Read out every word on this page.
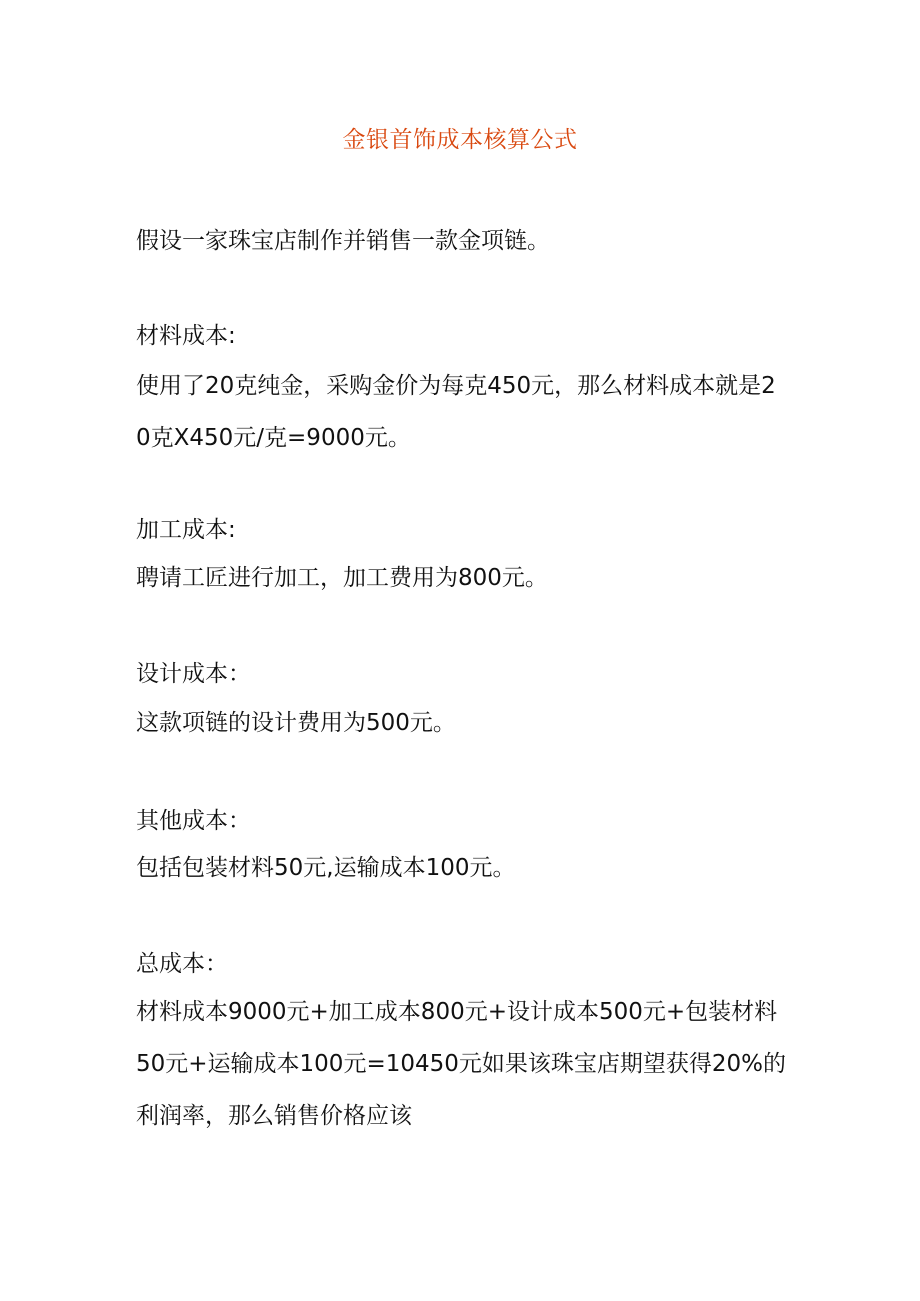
金银首饰成本核算公式

假设一家珠宝店制作并销售一款金项链。

材料成本:

使用了20克纯金，采购金价为每克450元，那么材料成本就是20克X450元/克=9000元。

加工成本:

聘请工匠进行加工，加工费用为800元。

设计成本：

这款项链的设计费用为500元。

其他成本：

包括包装材料50元,运输成本100元。

总成本：

材料成本9000元+加工成本800元+设计成本500元+包装材料50元+运输成本100元=10450元如果该珠宝店期望获得20%的利润率，那么销售价格应该
